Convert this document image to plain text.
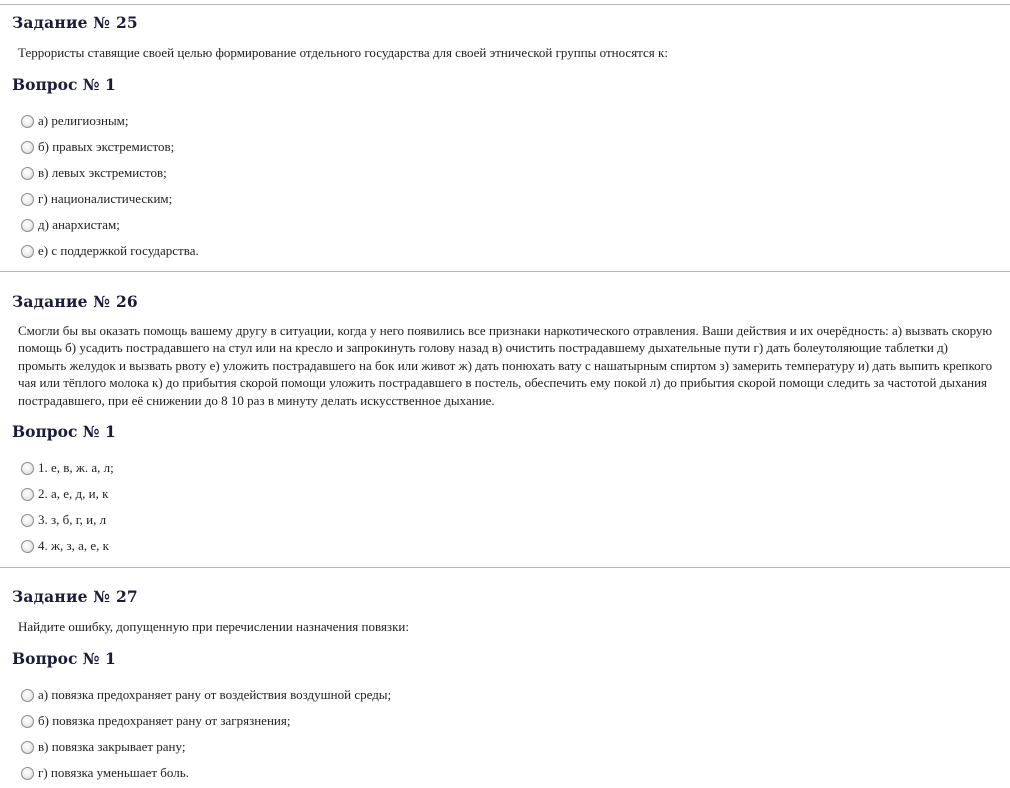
Задание № 25

Террористы ставящие своей целью формирование отдельного государства для своей этнической группы относятся к:

Вопрос № 1
а) религиозным;
б) правых экстремистов;
в) левых экстремистов;
г) националистическим;
д) анархистам;
е) с поддержкой государства.
Задание № 26

Смогли бы вы оказать помощь вашему другу в ситуации, когда у него появились все признаки наркотического отравления. Ваши действия и их очерёдность: а) вызвать скорую помощь б) усадить пострадавшего на стул или на кресло и запрокинуть голову назад в) очистить пострадавшему дыхательные пути г) дать болеутоляющие таблетки д) промыть желудок и вызвать рвоту е) уложить пострадавшего на бок или живот ж) дать понюхать вату с нашатырным спиртом з) замерить температуру и) дать выпить крепкого чая или тёплого молока к) до прибытия скорой помощи уложить пострадавшего в постель, обеспечить ему покой л) до прибытия скорой помощи следить за частотой дыхания пострадавшего, при её снижении до 8 10 раз в минуту делать искусственное дыхание.

Вопрос № 1
1. е, в, ж. а, л;
2. а, е, д, и, к
3. з, б, г, и, л
4. ж, з, а, е, к
Задание № 27

Найдите ошибку, допущенную при перечислении назначения повязки:

Вопрос № 1
а) повязка предохраняет рану от воздействия воздушной среды;
б) повязка предохраняет рану от загрязнения;
в) повязка закрывает рану;
г) повязка уменьшает боль.
